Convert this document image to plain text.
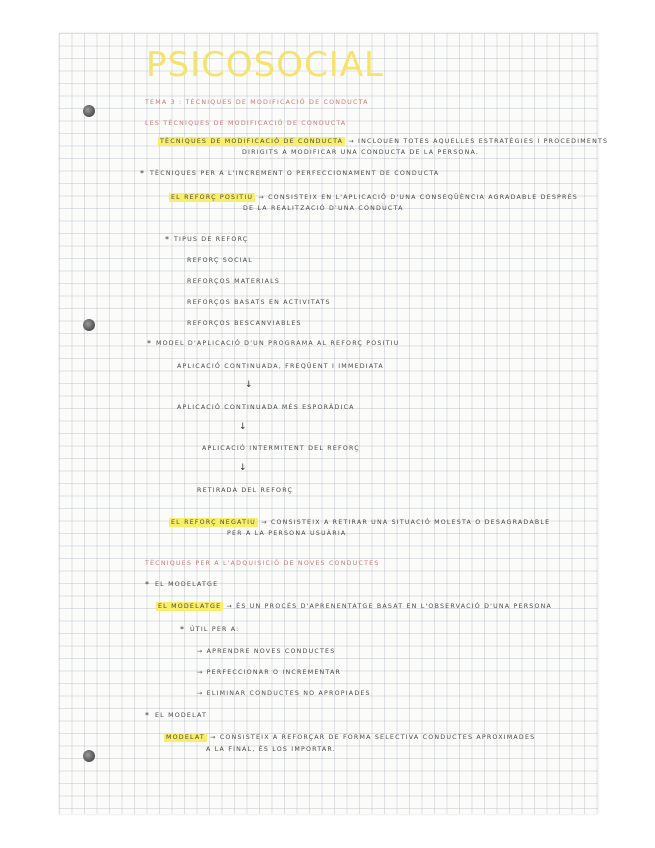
PSICOSOCIAL
TEMA 3 : TÈCNIQUES DE MODIFICACIÓ DE CONDUCTA
LES TÈCNIQUES DE MODIFICACIÓ DE CONDUCTA
TÈCNIQUES DE MODIFICACIÓ DE CONDUCTA → INCLOUEN TOTES AQUELLES ESTRATÈGIES I PROCEDIMENTS
DIRIGITS A MODIFICAR UNA CONDUCTA DE LA PERSONA.
* TÈCNIQUES PER A L'INCREMENT O PERFECCIONAMENT DE CONDUCTA
EL REFORÇ POSITIU → CONSISTEIX EN L'APLICACIÓ D'UNA CONSEQÜÈNCIA AGRADABLE DESPRÉS
DE LA REALITZACIÓ D'UNA CONDUCTA
* TIPUS DE REFORÇ
REFORÇ SOCIAL
REFORÇOS MATERIALS
REFORÇOS BASATS EN ACTIVITATS
REFORÇOS BESCANVIABLES
* MODEL D'APLICACIÓ D'UN PROGRAMA AL REFORÇ POSITIU
APLICACIÓ CONTINUADA, FREQÜENT I IMMEDIATA
↓
APLICACIÓ CONTINUADA MÉS ESPORÀDICA
↓
APLICACIÓ INTERMITENT DEL REFORÇ
↓
RETIRADA DEL REFORÇ
EL REFORÇ NEGATIU → CONSISTEIX A RETIRAR UNA SITUACIÓ MOLESTA O DESAGRADABLE
PER A LA PERSONA USUÀRIA
TÈCNIQUES PER A L'ADQUISICIÓ DE NOVES CONDUCTES
* EL MODELATGE
EL MODELATGE → ÉS UN PROCÉS D'APRENENTATGE BASAT EN L'OBSERVACIÓ D'UNA PERSONA
* ÚTIL PER A:
→ APRENDRE NOVES CONDUCTES
→ PERFECCIONAR O INCREMENTAR
→ ELIMINAR CONDUCTES NO APROPIADES
* EL MODELAT
MODELAT → CONSISTEIX A REFORÇAR DE FORMA SELECTIVA CONDUCTES APROXIMADES
A LA FINAL, ÉS LOS IMPORTAR.
